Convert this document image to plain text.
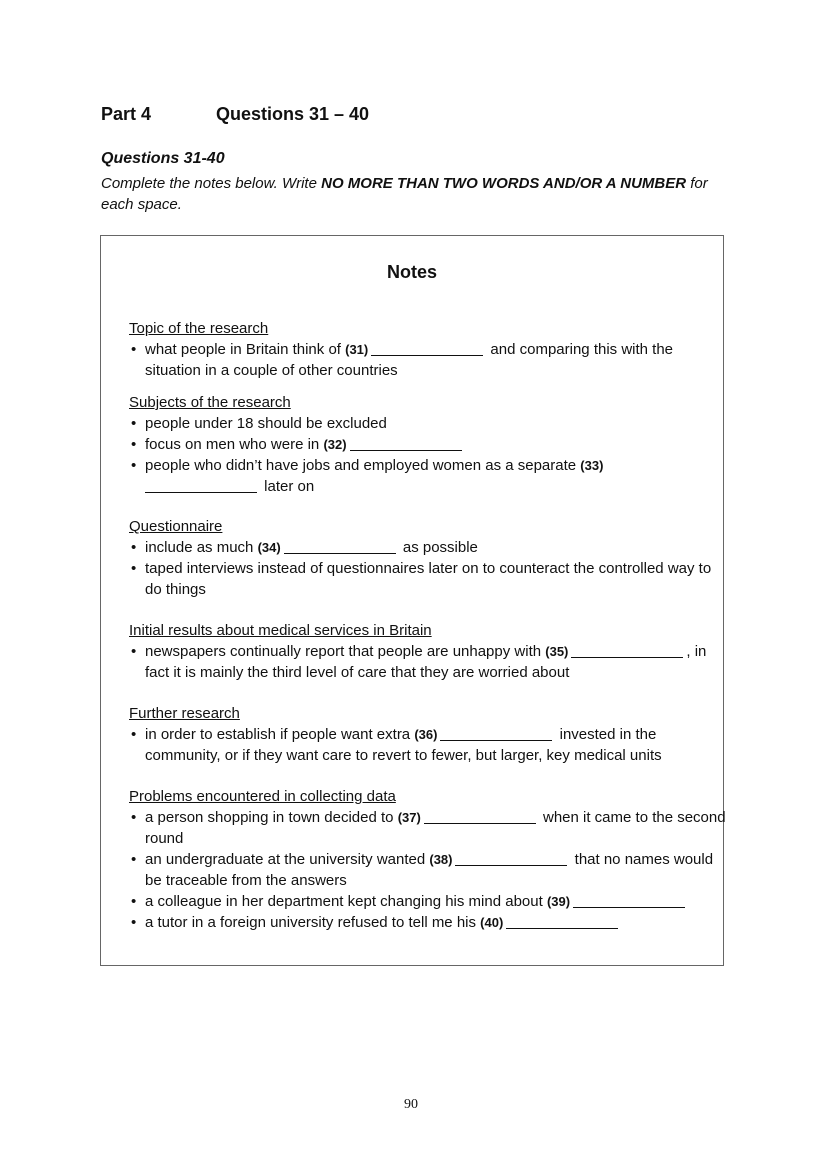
Part 4	Questions 31 – 40
Questions 31-40
Complete the notes below. Write NO MORE THAN TWO WORDS AND/OR A NUMBER for each space.
Notes
Topic of the research
• what people in Britain think of (31)	and comparing this with the situation in a couple of other countries
Subjects of the research
• people under 18 should be excluded
• focus on men who were in (32)
• people who didn’t have jobs and employed women as a separate (33)
later on
Questionnaire
• include as much (34)	as possible
• taped interviews instead of questionnaires later on to counteract the controlled way to do things
Initial results about medical services in Britain
• newspapers continually report that people are unhappy with (35)	, in fact it is mainly the third level of care that they are worried about
Further research
• in order to establish if people want extra (36)	invested in the community, or if they want care to revert to fewer, but larger, key medical units
Problems encountered in collecting data
• a person shopping in town decided to (37)	when it came to the second round
• an undergraduate at the university wanted (38)	that no names would be traceable from the answers
• a colleague in her department kept changing his mind about (39)
• a tutor in a foreign university refused to tell me his (40)
90
